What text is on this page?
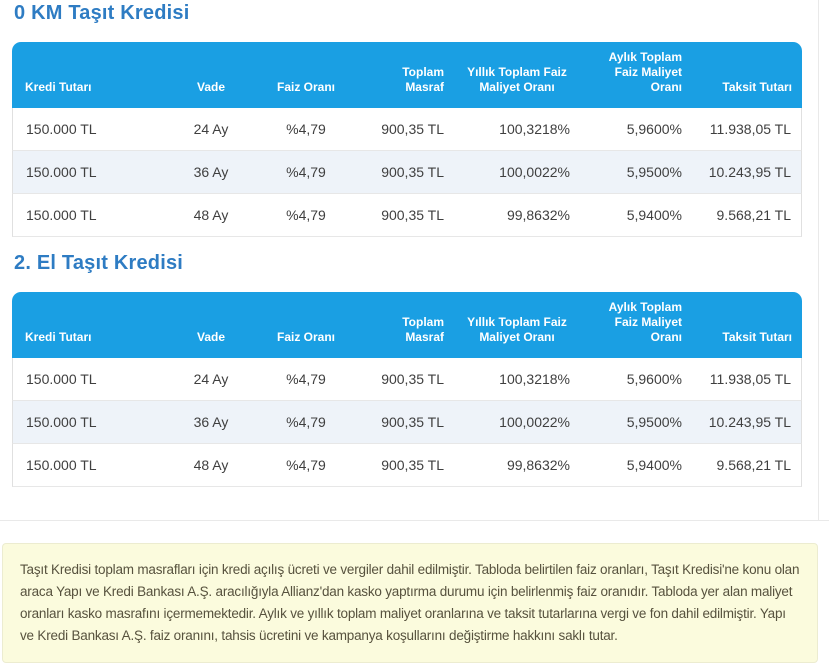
0 KM Taşıt Kredisi
Kredi Tutarı	Vade	Faiz Oranı	Toplam Masraf	Yıllık Toplam Faiz Maliyet Oranı	Aylık Toplam Faiz Maliyet Oranı	Taksit Tutarı
150.000 TL	24 Ay	%4,79	900,35 TL	100,3218%	5,9600%	11.938,05 TL
150.000 TL	36 Ay	%4,79	900,35 TL	100,0022%	5,9500%	10.243,95 TL
150.000 TL	48 Ay	%4,79	900,35 TL	99,8632%	5,9400%	9.568,21 TL
2. El Taşıt Kredisi
Kredi Tutarı	Vade	Faiz Oranı	Toplam Masraf	Yıllık Toplam Faiz Maliyet Oranı	Aylık Toplam Faiz Maliyet Oranı	Taksit Tutarı
150.000 TL	24 Ay	%4,79	900,35 TL	100,3218%	5,9600%	11.938,05 TL
150.000 TL	36 Ay	%4,79	900,35 TL	100,0022%	5,9500%	10.243,95 TL
150.000 TL	48 Ay	%4,79	900,35 TL	99,8632%	5,9400%	9.568,21 TL

Taşıt Kredisi toplam masrafları için kredi açılış ücreti ve vergiler dahil edilmiştir. Tabloda belirtilen faiz oranları, Taşıt Kredisi'ne konu olan araca Yapı ve Kredi Bankası A.Ş. aracılığıyla Allianz'dan kasko yaptırma durumu için belirlenmiş faiz oranıdır. Tabloda yer alan maliyet oranları kasko masrafını içermemektedir. Aylık ve yıllık toplam maliyet oranlarına ve taksit tutarlarına vergi ve fon dahil edilmiştir. Yapı ve Kredi Bankası A.Ş. faiz oranını, tahsis ücretini ve kampanya koşullarını değiştirme hakkını saklı tutar.
